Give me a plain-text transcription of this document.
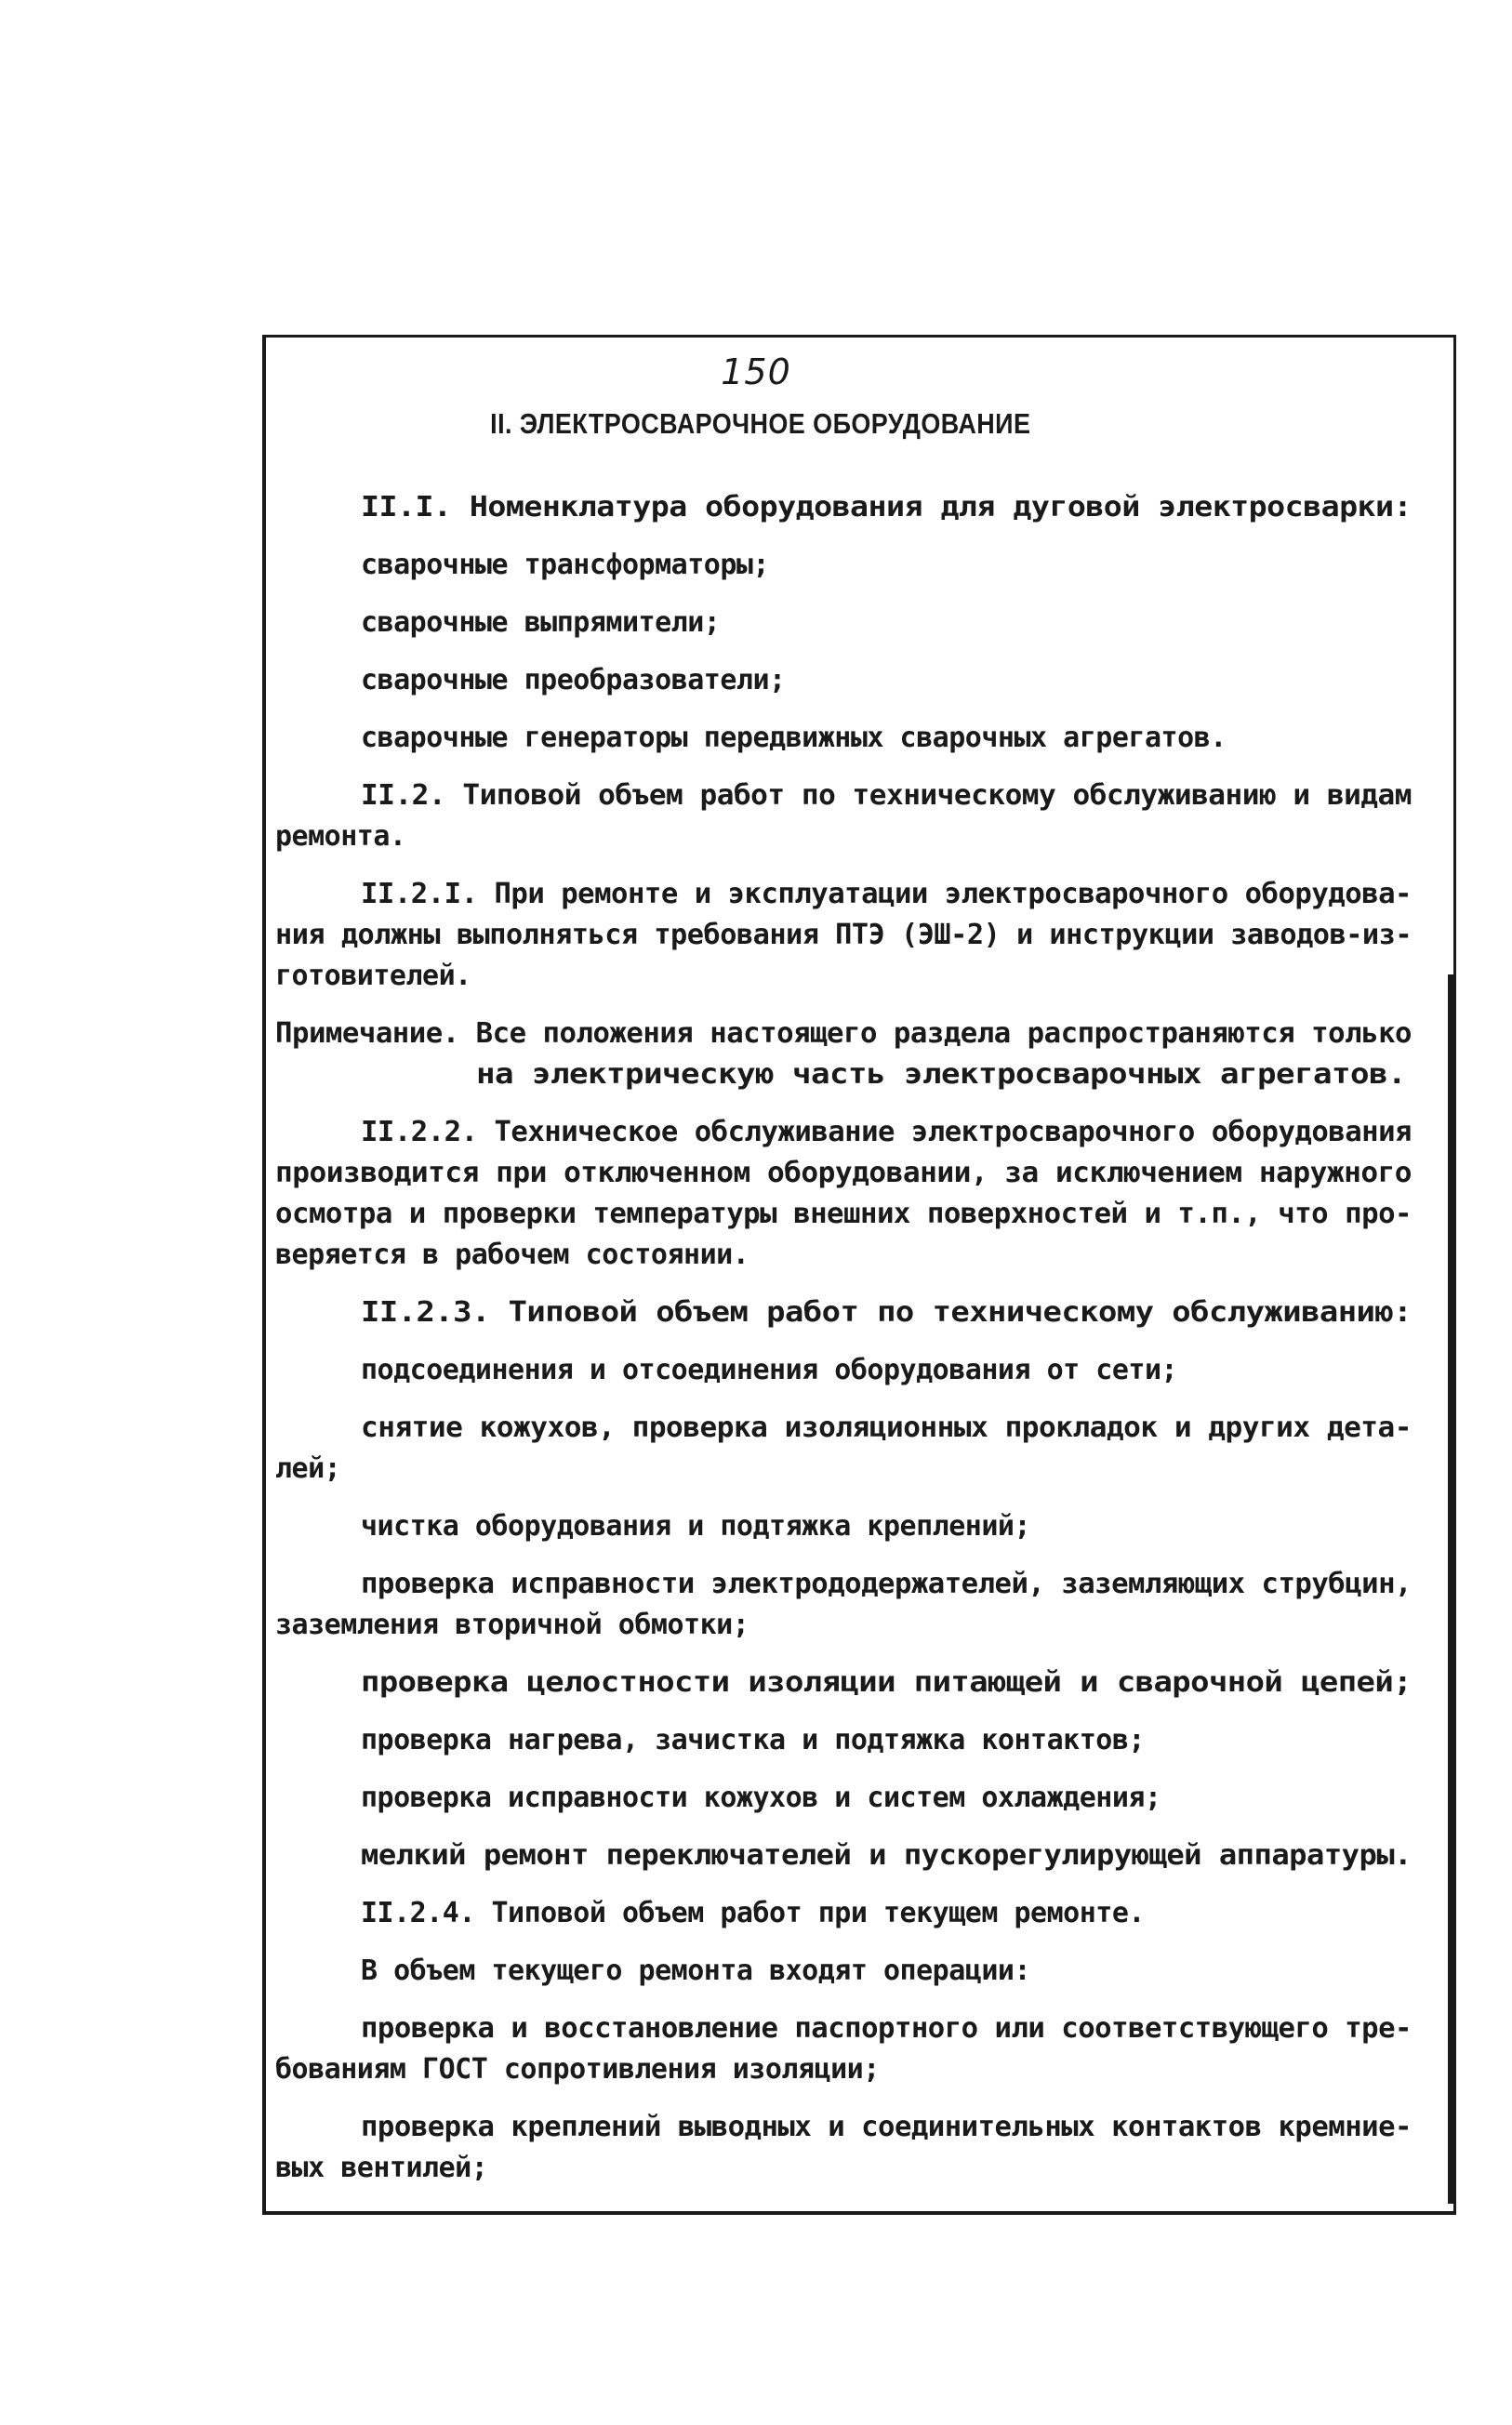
150
II. ЭЛЕКТРОСВАРОЧНОЕ ОБОРУДОВАНИЕ
II.I. Номенклатура оборудования для дуговой электросварки:
сварочные трансформаторы;
сварочные выпрямители;
сварочные преобразователи;
сварочные генераторы передвижных сварочных агрегатов.
II.2. Типовой объем работ по техническому обслуживанию и видам
ремонта.
II.2.I. При ремонте и эксплуатации электросварочного оборудова-
ния должны выполняться требования ПТЭ (ЭШ-2) и инструкции заводов-из-
готовителей.
Примечание. Все положения настоящего раздела распространяются только
на электрическую часть электросварочных агрегатов.
II.2.2. Техническое обслуживание электросварочного оборудования
производится при отключенном оборудовании, за исключением наружного
осмотра и проверки температуры внешних поверхностей и т.п., что про-
веряется в рабочем состоянии.
II.2.3. Типовой объем работ по техническому обслуживанию:
подсоединения и отсоединения оборудования от сети;
снятие кожухов, проверка изоляционных прокладок и других дета-
лей;
чистка оборудования и подтяжка креплений;
проверка исправности электрододержателей, заземляющих струбцин,
заземления вторичной обмотки;
проверка целостности изоляции питающей и сварочной цепей;
проверка нагрева, зачистка и подтяжка контактов;
проверка исправности кожухов и систем охлаждения;
мелкий ремонт переключателей и пускорегулирующей аппаратуры.
II.2.4. Типовой объем работ при текущем ремонте.
В объем текущего ремонта входят операции:
проверка и восстановление паспортного или соответствующего тре-
бованиям ГОСТ сопротивления изоляции;
проверка креплений выводных и соединительных контактов кремние-
вых вентилей;
